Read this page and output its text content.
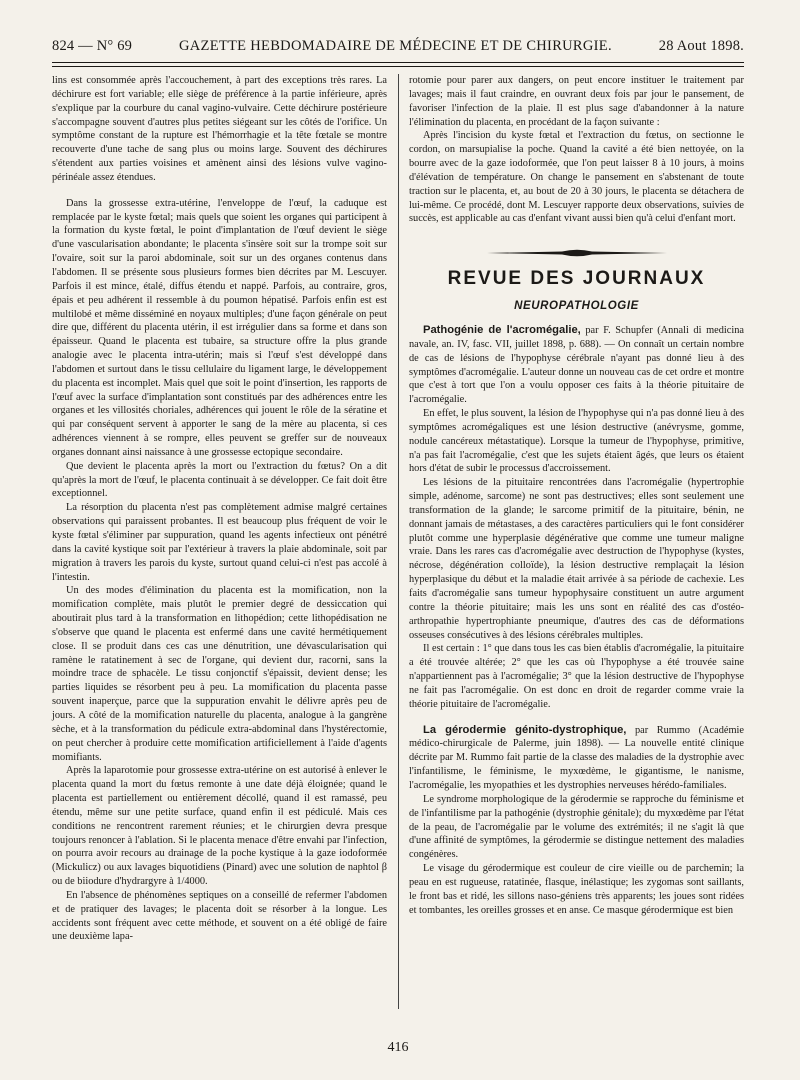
824 — N° 69	GAZETTE HEBDOMADAIRE DE MÉDECINE ET DE CHIRURGIE.	28 Aout 1898.

lins est consommée après l'accouchement, à part des exceptions très rares. La déchirure est fort variable; elle siège de préférence à la partie inférieure, après s'explique par la courbure du canal vagino-vulvaire. Cette déchirure postérieure s'accompagne souvent d'autres plus petites siégeant sur les côtés de l'orifice. Un symptôme constant de la rupture est l'hémorrhagie et la tête fœtale se montre recouverte d'une tache de sang plus ou moins large. Souvent des déchirures s'étendent aux parties voisines et amènent ainsi des lésions vulve vagino-périnéale assez étendues.

Dans la grossesse extra-utérine, l'enveloppe de l'œuf, la caduque est remplacée par le kyste fœtal; mais quels que soient les organes qui participent à la formation du kyste fœtal, le point d'implantation de l'œuf devient le siège d'une vascularisation abondante; le placenta s'insère soit sur la trompe soit sur l'ovaire, soit sur la paroi abdominale, soit sur un des organes contenus dans l'abdomen. Il se présente sous plusieurs formes bien décrites par M. Lescuyer. Parfois il est mince, étalé, diffus étendu et nappé. Parfois, au contraire, gros, épais et peu adhérent il ressemble à du poumon hépatisé. Parfois enfin est est multilobé et même disséminé en noyaux multiples; d'une façon générale on peut dire que, différent du placenta utérin, il est irrégulier dans sa forme et dans son épaisseur. Quand le placenta est tubaire, sa structure offre la plus grande analogie avec le placenta intra-utérin; mais si l'œuf s'est développé dans l'abdomen et surtout dans le tissu cellulaire du ligament large, le développement du placenta est incomplet. Mais quel que soit le point d'insertion, les rapports de l'œuf avec la surface d'implantation sont constitués par des adhérences entre les organes et les villosités choriales, adhérences qui jouent le rôle de la sératine et qui par conséquent servent à apporter le sang de la mère au placenta, si ces adhérences viennent à se rompre, elles peuvent se greffer sur de nouveaux organes donnant ainsi naissance à une grossesse ectopique secondaire.

Que devient le placenta après la mort ou l'extraction du fœtus? On a dit qu'après la mort de l'œuf, le placenta continuait à se développer. Ce fait doit être exceptionnel.

La résorption du placenta n'est pas complètement admise malgré certaines observations qui paraissent probantes. Il est beaucoup plus fréquent de voir le kyste fœtal s'éliminer par suppuration, quand les agents infectieux ont pénétré dans la cavité kystique soit par l'extérieur à travers la plaie abdominale, soit par migration à travers les parois du kyste, surtout quand celui-ci n'est pas accolé à l'intestin.

Un des modes d'élimination du placenta est la momification, non la momification complète, mais plutôt le premier degré de dessiccation qui aboutirait plus tard à la transformation en lithopédion; cette lithopédisation ne s'observe que quand le placenta est enfermé dans une cavité hermétiquement close. Il se produit dans ces cas une dénutrition, une dévascularisation qui ramène le ratatinement à sec de l'organe, qui devient dur, racorni, sans la moindre trace de sphacèle. Le tissu conjonctif s'épaissit, devient dense; les parties liquides se résorbent peu à peu. La momification du placenta passe souvent inaperçue, parce que la suppuration envahit le délivre après peu de jours. A côté de la momification naturelle du placenta, analogue à la gangrène sèche, et à la transformation du pédicule extra-abdominal dans l'hystérectomie, on peut chercher à produire cette momification artificiellement à l'aide d'agents momifiants.

Après la laparotomie pour grossesse extra-utérine on est autorisé à enlever le placenta quand la mort du fœtus remonte à une date déjà éloignée; quand le placenta est partiellement ou entièrement décollé, quand il est ramassé, peu étendu, même sur une petite surface, quand enfin il est pédiculé. Mais ces conditions ne rencontrent rarement réunies; et le chirurgien devra presque toujours renoncer à l'ablation. Si le placenta menace d'être envahi par l'infection, on pourra avoir recours au drainage de la poche kystique à la gaze iodoformée (Mickulicz) ou aux lavages biquotidiens (Pinard) avec une solution de naphtol β ou de biiodure d'hydrargyre à 1/4000.

En l'absence de phénomènes septiques on a conseillé de refermer l'abdomen et de pratiquer des lavages; le placenta doit se résorber à la longue. Les accidents sont fréquent avec cette méthode, et souvent on a été obligé de faire une deuxième lapa-

rotomie pour parer aux dangers, on peut encore instituer le traitement par lavages; mais il faut craindre, en ouvrant deux fois par jour le pansement, de favoriser l'infection de la plaie. Il est plus sage d'abandonner à la nature l'élimination du placenta, en procédant de la façon suivante :

Après l'incision du kyste fœtal et l'extraction du fœtus, on sectionne le cordon, on marsupialise la poche. Quand la cavité a été bien nettoyée, on la bourre avec de la gaze iodoformée, que l'on peut laisser 8 à 10 jours, à moins d'élévation de température. On change le pansement en s'abstenant de toute traction sur le placenta, et, au bout de 20 à 30 jours, le placenta se détachera de lui-même. Ce procédé, dont M. Lescuyer rapporte deux observations, suivies de succès, est applicable au cas d'enfant vivant aussi bien qu'à celui d'enfant mort.

REVUE DES JOURNAUX
NEUROPATHOLOGIE

Pathogénie de l'acromégalie, par F. Schupfer (Annali di medicina navale, an. IV, fasc. VII, juillet 1898, p. 688). — On connaît un certain nombre de cas de lésions de l'hypophyse cérébrale n'ayant pas donné lieu à des symptômes d'acromégalie. L'auteur donne un nouveau cas de cet ordre et montre que c'est à tort que l'on a voulu opposer ces faits à la théorie pituitaire de l'acromégalie.

En effet, le plus souvent, la lésion de l'hypophyse qui n'a pas donné lieu à des symptômes acromégaliques est une lésion destructive (anévrysme, gomme, nodule cancéreux métastatique). Lorsque la tumeur de l'hypophyse, primitive, n'a pas fait l'acromégalie, c'est que les sujets étaient âgés, que leurs os étaient hors d'état de subir le processus d'accroissement.

Les lésions de la pituitaire rencontrées dans l'acromégalie (hypertrophie simple, adénome, sarcome) ne sont pas destructives; elles sont seulement une transformation de la glande; le sarcome primitif de la pituitaire, bénin, ne donnant jamais de métastases, a des caractères particuliers qui le font considérer plutôt comme une hyperplasie dégénérative que comme une tumeur maligne vraie. Dans les rares cas d'acromégalie avec destruction de l'hypophyse (kystes, nécrose, dégénération colloïde), la lésion destructive remplaçait la lésion hyperplasique du début et la maladie était arrivée à sa période de cachexie. Les faits d'acromégalie sans tumeur hypophysaire constituent un autre argument contre la théorie pituitaire; mais les uns sont en réalité des cas d'ostéo-arthropathie hypertrophiante pneumique, d'autres des cas de déformations osseuses consécutives à des lésions cérébrales multiples.

Il est certain : 1° que dans tous les cas bien établis d'acromégalie, la pituitaire a été trouvée altérée; 2° que les cas où l'hypophyse a été trouvée saine n'appartiennent pas à l'acromégalie; 3° que la lésion destructive de l'hypophyse ne fait pas l'acromégalie. On est donc en droit de regarder comme vraie la théorie pituitaire de l'acromégalie.

La gérodermie génito-dystrophique, par Rummo (Académie médico-chirurgicale de Palerme, juin 1898). — La nouvelle entité clinique décrite par M. Rummo fait partie de la classe des maladies de la dystrophie avec l'infantilisme, le féminisme, le myxœdème, le gigantisme, le nanisme, l'acromégalie, les myopathies et les dystrophies nerveuses hérédo-familiales.

Le syndrome morphologique de la gérodermie se rapproche du féminisme et de l'infantilisme par la pathogénie (dystrophie génitale); du myxœdème par l'état de la peau, de l'acromégalie par le volume des extrémités; il ne s'agit là que d'une affinité de symptômes, la gérodermie se distingue nettement des maladies congénères.

Le visage du gérodermique est couleur de cire vieille ou de parchemin; la peau en est rugueuse, ratatinée, flasque, inélastique; les zygomas sont saillants, le front bas et ridé, les sillons naso-géniens très apparents; les joues sont ridées et tombantes, les oreilles grosses et en anse. Ce masque gérodermique est bien

416
